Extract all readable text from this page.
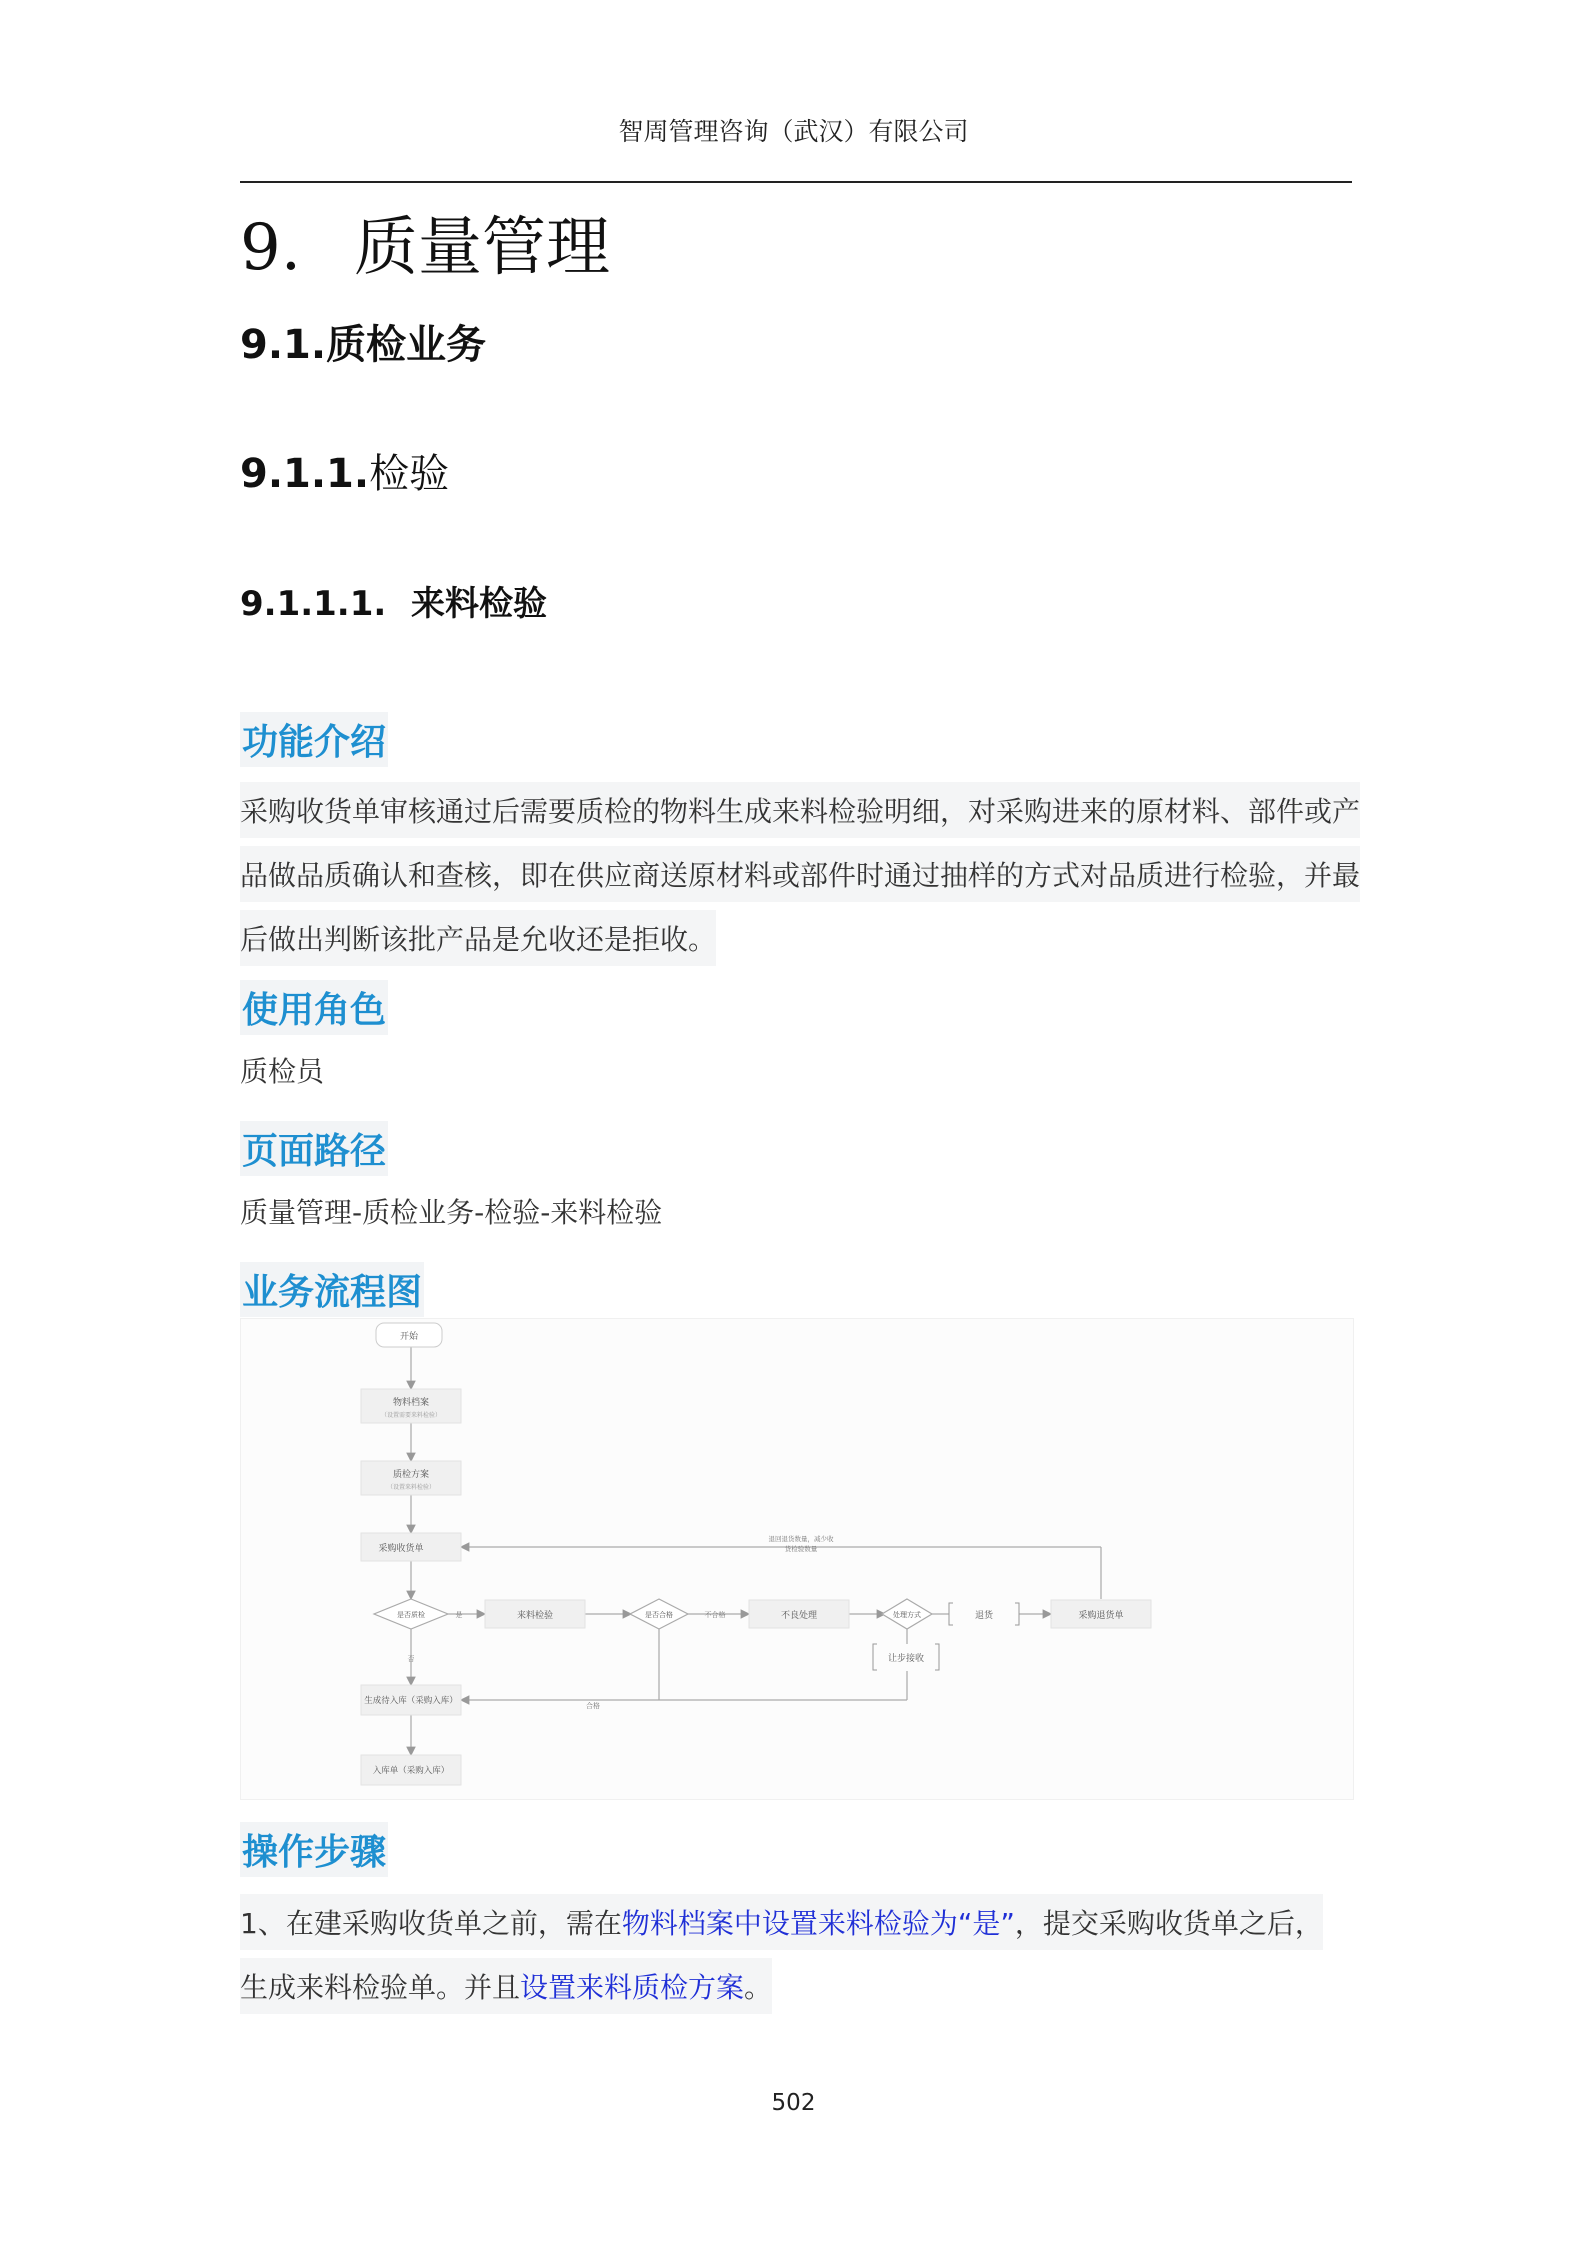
智周管理咨询（武汉）有限公司
9. 质量管理
9.1.质检业务
9.1.1.检验
9.1.1.1. 来料检验
功能介绍
采购收货单审核通过后需要质检的物料生成来料检验明细，对采购进来的原材料、部件或产
品做品质确认和查核，即在供应商送原材料或部件时通过抽样的方式对品质进行检验，并最
后做出判断该批产品是允收还是拒收。
使用角色
质检员
页面路径
质量管理-质检业务-检验-来料检验
业务流程图
开始
物料档案
（设置需要来料检验）
质检方案
（设置来料检验）
采购收货单
是否质检	来料检验	是否合格	不良处理	处理方式	退货	采购退货单
让步接收
生成待入库（采购入库）
入库单（采购入库）
是
否
不合格
合格
退回退货数量，减少收
货检验数量
操作步骤
1、在建采购收货单之前，需在物料档案中设置来料检验为“是”，提交采购收货单之后，
生成来料检验单。并且设置来料质检方案。
502
